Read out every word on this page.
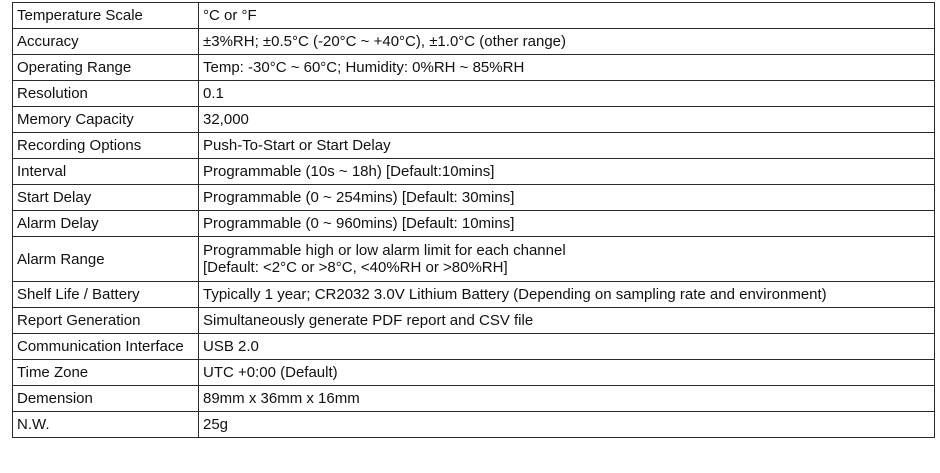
Temperature Scale	°C or °F

Accuracy	±3%RH; ±0.5°C (-20°C ~ +40°C), ±1.0°C (other range)

Operating Range	Temp: -30°C ~ 60°C; Humidity: 0%RH ~ 85%RH

Resolution	0.1

Memory Capacity	32,000

Recording Options	Push-To-Start or Start Delay

Interval	Programmable (10s ~ 18h) [Default:10mins]

Start Delay	Programmable (0 ~ 254mins) [Default: 30mins]

Alarm Delay	Programmable (0 ~ 960mins) [Default: 10mins]

Alarm Range	Programmable high or low alarm limit for each channel
[Default: <2°C or >8°C, <40%RH or >80%RH]

Shelf Life / Battery	Typically 1 year; CR2032 3.0V Lithium Battery (Depending on sampling rate and environment)

Report Generation	Simultaneously generate PDF report and CSV file

Communication Interface	USB 2.0

Time Zone	UTC +0:00 (Default)

Demension	89mm x 36mm x 16mm

N.W.	25g
